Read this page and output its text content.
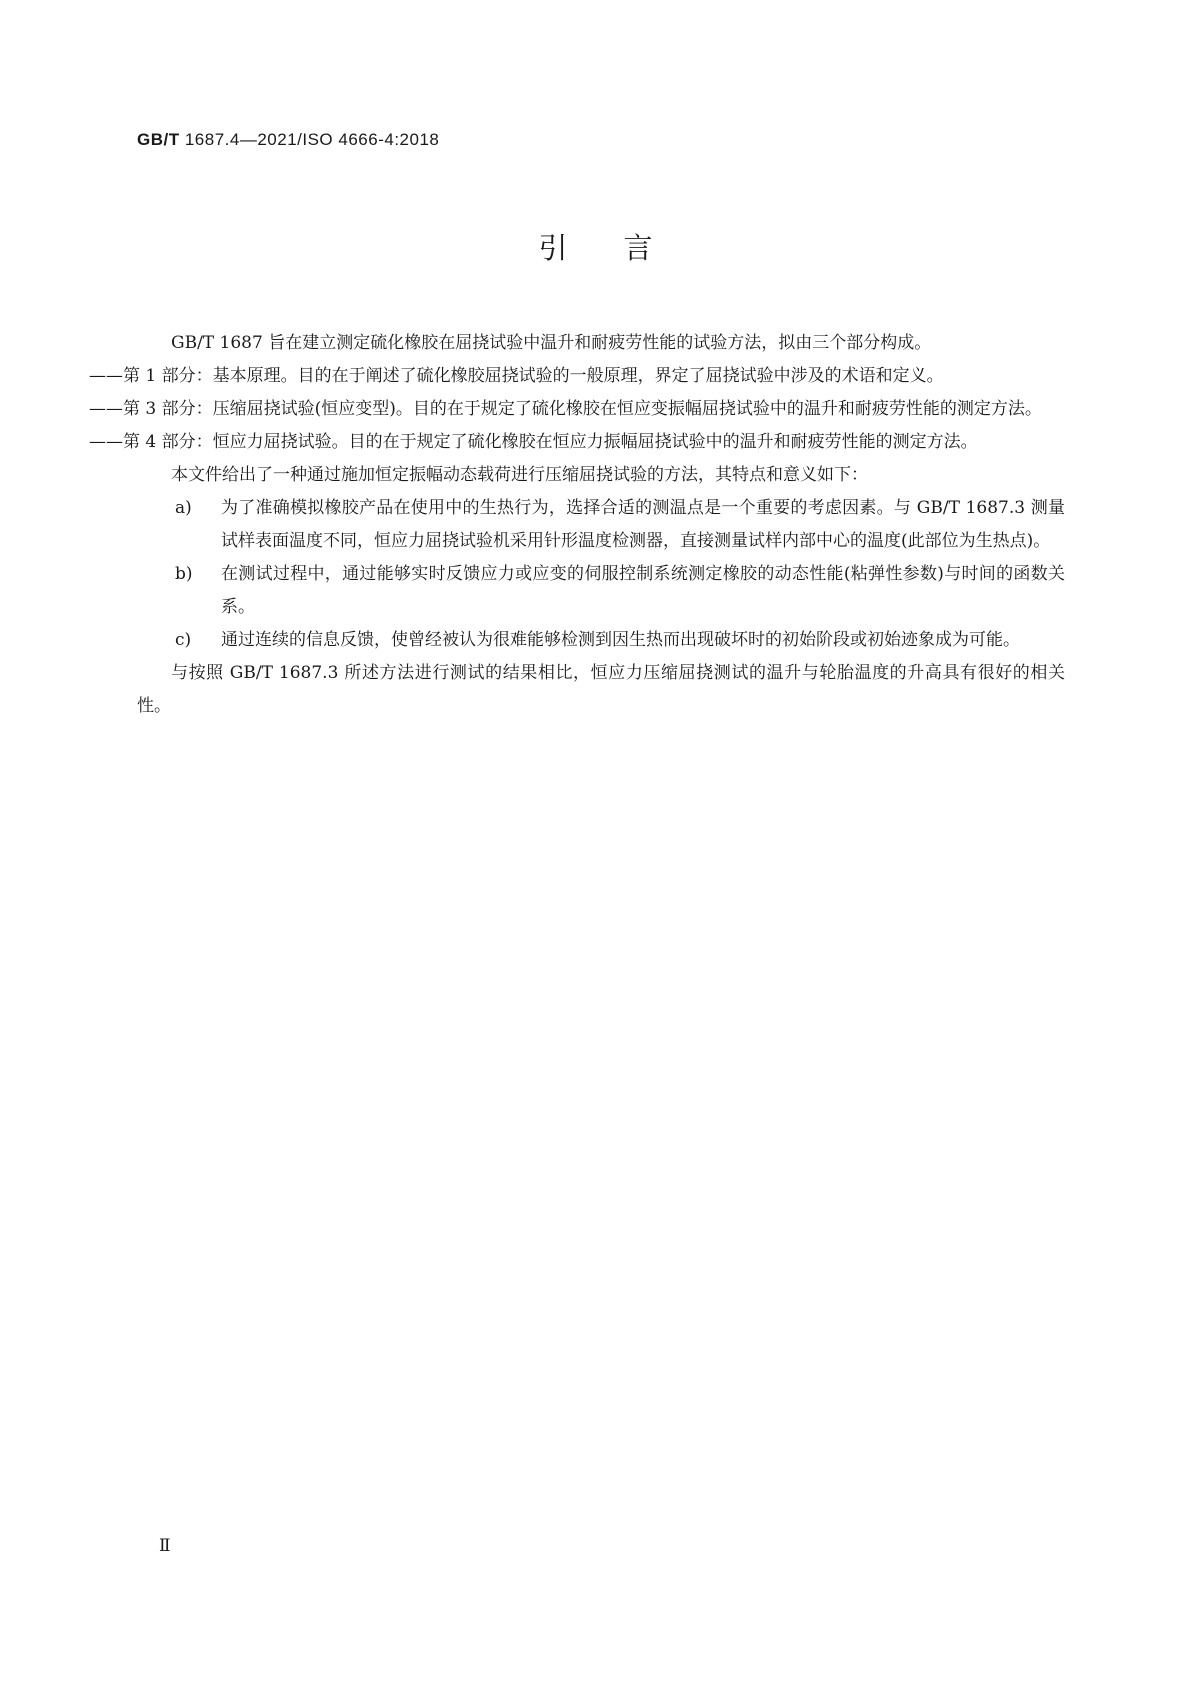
GB/T 1687.4—2021/ISO 4666-4:2018
引言

GB/T 1687 旨在建立测定硫化橡胶在屈挠试验中温升和耐疲劳性能的试验方法，拟由三个部分构成。

——第 1 部分：基本原理。目的在于阐述了硫化橡胶屈挠试验的一般原理，界定了屈挠试验中涉及的术语和定义。

——第 3 部分：压缩屈挠试验(恒应变型)。目的在于规定了硫化橡胶在恒应变振幅屈挠试验中的温升和耐疲劳性能的测定方法。

——第 4 部分：恒应力屈挠试验。目的在于规定了硫化橡胶在恒应力振幅屈挠试验中的温升和耐疲劳性能的测定方法。

本文件给出了一种通过施加恒定振幅动态载荷进行压缩屈挠试验的方法，其特点和意义如下：

a) 为了准确模拟橡胶产品在使用中的生热行为，选择合适的测温点是一个重要的考虑因素。与 GB/T 1687.3 测量试样表面温度不同，恒应力屈挠试验机采用针形温度检测器，直接测量试样内部中心的温度(此部位为生热点)。
b) 在测试过程中，通过能够实时反馈应力或应变的伺服控制系统测定橡胶的动态性能(粘弹性参数)与时间的函数关系。
c) 通过连续的信息反馈，使曾经被认为很难能够检测到因生热而出现破坏时的初始阶段或初始迹象成为可能。

与按照 GB/T 1687.3 所述方法进行测试的结果相比，恒应力压缩屈挠测试的温升与轮胎温度的升高具有很好的相关性。

Ⅱ
